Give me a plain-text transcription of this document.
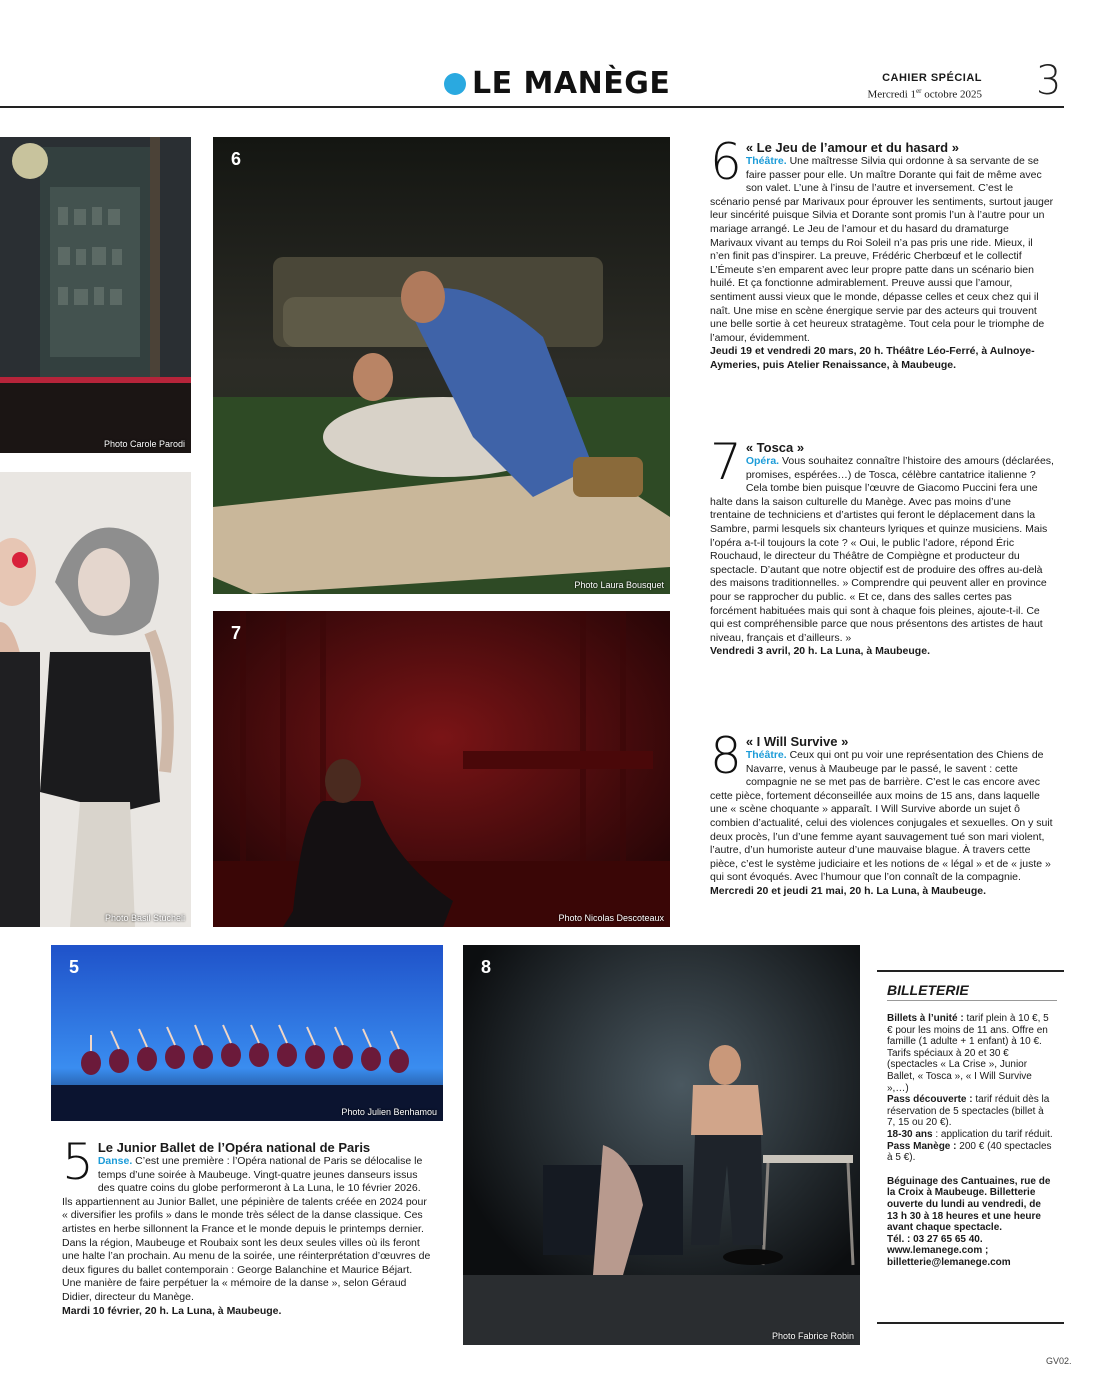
LE MANÈGE	CAHIER SPÉCIAL
Mercredi 1er octobre 2025 3
Photo Carole Parodi
6
Photo Laura Bousquet
Photo Basil Stücheli
7
Photo Nicolas Descoteaux
5
Photo Julien Benhamou
8
Photo Fabrice Robin
6 « Le Jeu de l’amour et du hasard »
Théâtre. Une maîtresse Silvia qui ordonne à sa servante de se faire passer pour elle. Un maître Dorante qui fait de même avec son valet. L’une à l’insu de l’autre et inversement. C’est le scénario pensé par Marivaux pour éprouver les sentiments, surtout jauger leur sincérité puisque Silvia et Dorante sont promis l’un à l’autre pour un mariage arrangé. Le Jeu de l’amour et du hasard du dramaturge Marivaux vivant au temps du Roi Soleil n’a pas pris une ride. Mieux, il n’en finit pas d’inspirer. La preuve, Frédéric Cherbœuf et le collectif L’Émeute s’en emparent avec leur propre patte dans un scénario bien huilé. Et ça fonctionne admirablement. Preuve aussi que l’amour, sentiment aussi vieux que le monde, dépasse celles et ceux chez qui il naît. Une mise en scène énergique servie par des acteurs qui trouvent une belle sortie à cet heureux stratagème. Tout cela pour le triomphe de l’amour, évidemment.
Jeudi 19 et vendredi 20 mars, 20 h. Théâtre Léo-Ferré, à Aulnoye-Aymeries, puis Atelier Renaissance, à Maubeuge.
7 « Tosca »
Opéra. Vous souhaitez connaître l’histoire des amours (déclarées, promises, espérées…) de Tosca, célèbre cantatrice italienne ? Cela tombe bien puisque l’œuvre de Giacomo Puccini fera une halte dans la saison culturelle du Manège. Avec pas moins d’une trentaine de techniciens et d’artistes qui feront le déplacement dans la Sambre, parmi lesquels six chanteurs lyriques et quinze musiciens. Mais l’opéra a-t-il toujours la cote ? « Oui, le public l’adore, répond Éric Rouchaud, le directeur du Théâtre de Compiègne et producteur du spectacle. D’autant que notre objectif est de produire des offres au-delà des maisons traditionnelles. » Comprendre qui peuvent aller en province pour se rapprocher du public. « Et ce, dans des salles certes pas forcément habituées mais qui sont à chaque fois pleines, ajoute-t-il. Ce qui est compréhensible parce que nous présentons des artistes de haut niveau, français et d’ailleurs. »
Vendredi 3 avril, 20 h. La Luna, à Maubeuge.
8 « I Will Survive »
Théâtre. Ceux qui ont pu voir une représentation des Chiens de Navarre, venus à Maubeuge par le passé, le savent : cette compagnie ne se met pas de barrière. C’est le cas encore avec cette pièce, fortement déconseillée aux moins de 15 ans, dans laquelle une « scène choquante » apparaît. I Will Survive aborde un sujet ô combien d’actualité, celui des violences conjugales et sexuelles. On y suit deux procès, l’un d’une femme ayant sauvagement tué son mari violent, l’autre, d’un humoriste auteur d’une mauvaise blague. À travers cette pièce, c’est le système judiciaire et les notions de « légal » et de « juste » qui sont évoqués. Avec l’humour que l’on connaît de la compagnie.
Mercredi 20 et jeudi 21 mai, 20 h. La Luna, à Maubeuge.
5 Le Junior Ballet de l’Opéra national de Paris
Danse. C’est une première : l’Opéra national de Paris se délocalise le temps d’une soirée à Maubeuge. Vingt-quatre jeunes danseurs issus des quatre coins du globe performeront à La Luna, le 10 février 2026. Ils appartiennent au Junior Ballet, une pépinière de talents créée en 2024 pour « diversifier les profils » dans le monde très sélect de la danse classique. Ces artistes en herbe sillonnent la France et le monde depuis le printemps dernier. Dans la région, Maubeuge et Roubaix sont les deux seules villes où ils feront une halte l’an prochain. Au menu de la soirée, une réinterprétation d’œuvres de deux figures du ballet contemporain : George Balanchine et Maurice Béjart. Une manière de faire perpétuer la « mémoire de la danse », selon Géraud Didier, directeur du Manège.
Mardi 10 février, 20 h. La Luna, à Maubeuge.
BILLETERIE
Billets à l’unité : tarif plein à 10 €, 5 € pour les moins de 11 ans. Offre en famille (1 adulte + 1 enfant) à 10 €. Tarifs spéciaux à 20 et 30 € (spectacles « La Crise », Junior Ballet, « Tosca », « I Will Survive »,…)
Pass découverte : tarif réduit dès la réservation de 5 spectacles (billet à 7, 15 ou 20 €).
18-30 ans : application du tarif réduit.
Pass Manège : 200 € (40 spectacles à 5 €).
Béguinage des Cantuaines, rue de la Croix à Maubeuge. Billetterie ouverte du lundi au vendredi, de 13 h 30 à 18 heures et une heure avant chaque spectacle.
Tél. : 03 27 65 65 40.
www.lemanege.com ;
billetterie@lemanege.com
GV02.
